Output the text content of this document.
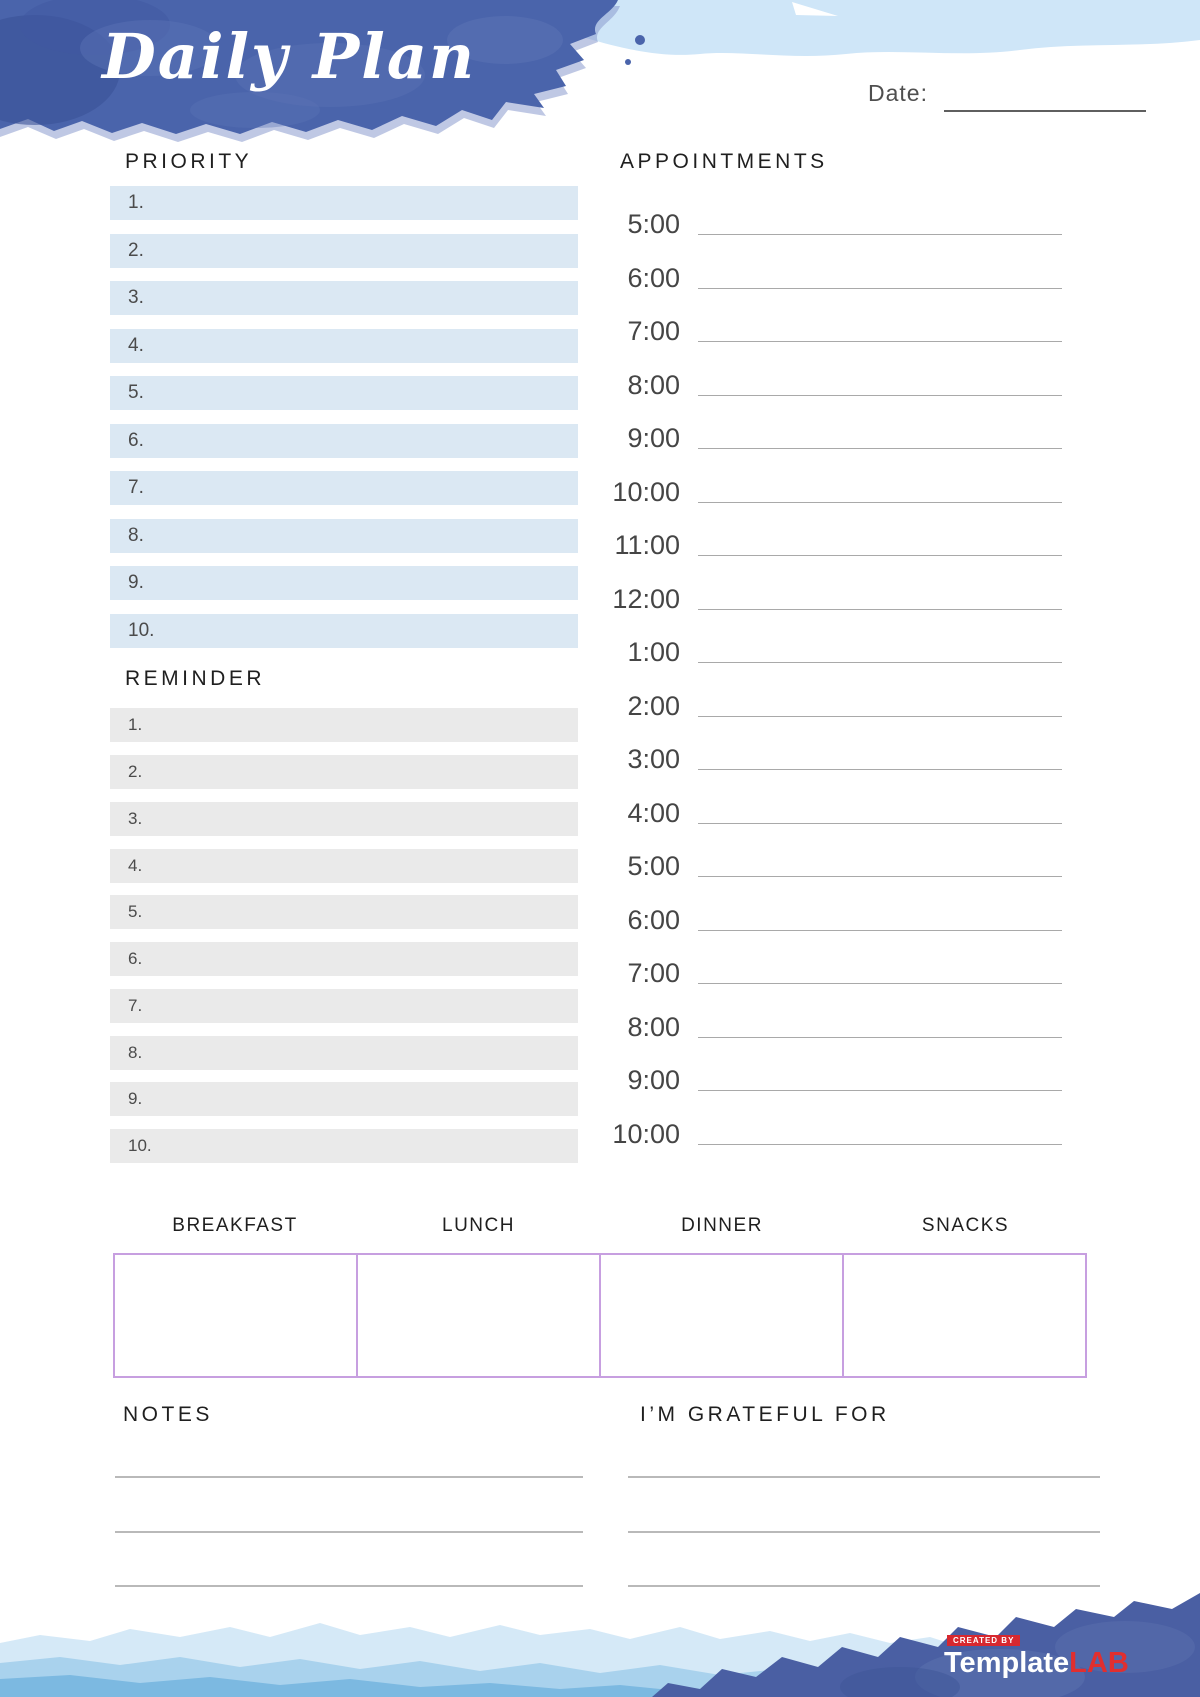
Daily Plan	Date:
PRIORITY
1.
2.
3.
4.
5.
6.
7.
8.
9.
10.
REMINDER
1.
2.
3.
4.
5.
6.
7.
8.
9.
10.
APPOINTMENTS
5:00
6:00
7:00
8:00
9:00
10:00
11:00
12:00
1:00
2:00
3:00
4:00
5:00
6:00
7:00
8:00
9:00
10:00
BREAKFAST	LUNCH	DINNER	SNACKS
NOTES	I’M GRATEFUL FOR
CREATED BY
TemplateLAB
